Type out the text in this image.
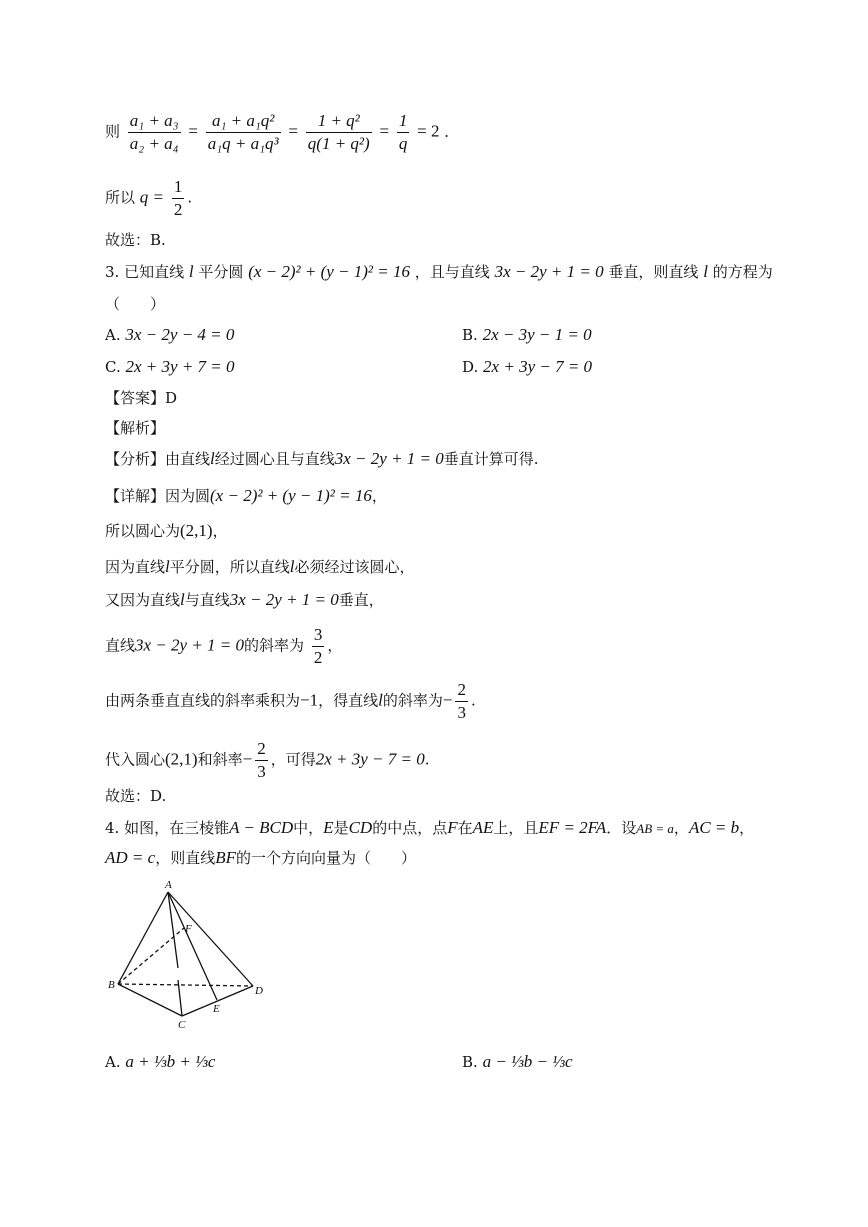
则 $\frac{\text{a₁ + a₃}}{\text{a₂ + a₄}} = \frac{\text{a₁ + a₁q²}}{\text{a₁q + a₁q³}} = \frac{\text{1 + q²}}{\text{q(1 + q²)}} = \frac{1}{q} = 2$ ．
所以 $q = \frac{1}{2}$ .
故选：B.
3. 已知直线 l 平分圆 (x − 2)² + (y − 1)² = 16 ，且与直线 3x − 2y + 1 = 0 垂直，则直线 l 的方程为
（　　）
A. 3x − 2y − 4 = 0	B. 2x − 3y − 1 = 0
C. 2x + 3y + 7 = 0	D. 2x + 3y − 7 = 0
【答案】D
【解析】
【分析】由直线l经过圆心且与直线3x − 2y + 1 = 0垂直计算可得.
【详解】因为圆(x − 2)² + (y − 1)² = 16，
所以圆心为(2,1)，
因为直线l平分圆，所以直线l必须经过该圆心，
又因为直线l与直线3x − 2y + 1 = 0垂直，
直线3x − 2y + 1 = 0的斜率为 $\frac{3}{2}$ ，
由两条垂直直线的斜率乘积为−1，得直线l的斜率为− $\frac{2}{3}$ .
代入圆心(2,1)和斜率− $\frac{2}{3}$ ，可得2x + 3y − 7 = 0.
故选：D.
4. 如图，在三棱锥A − BCD中，E是CD的中点，点F在AE上，且EF = 2FA．设AB = a，AC = b，
AD = c，则直线BF的一个方向向量为（　　）
A
B
C
D
E
F
A. a + ⅓b + ⅓c	B. a − ⅓b − ⅓c
